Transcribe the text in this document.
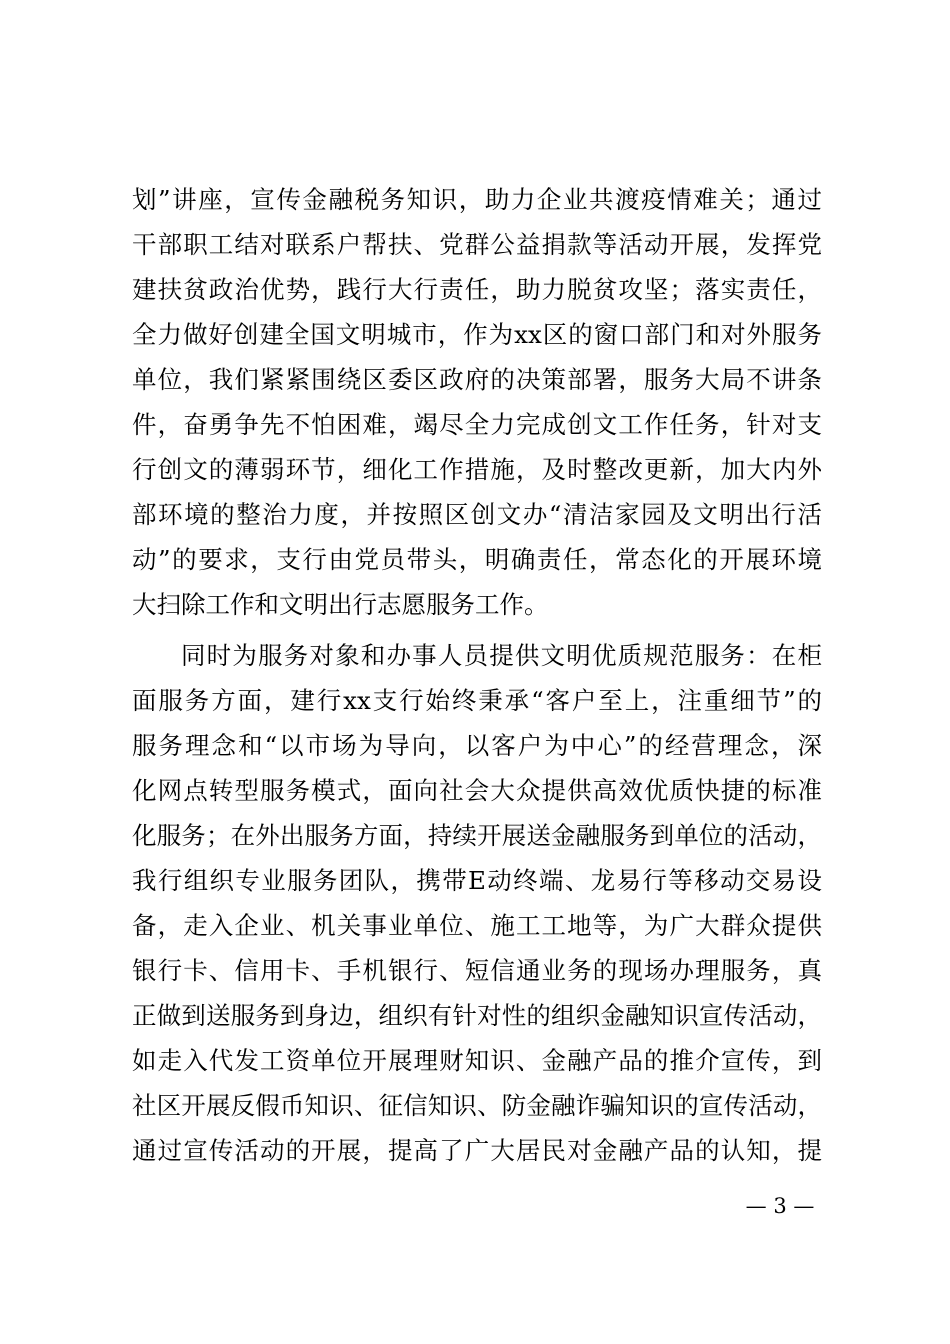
划”讲座，宣传金融税务知识，助力企业共渡疫情难关；通过
干部职工结对联系户帮扶、党群公益捐款等活动开展，发挥党
建扶贫政治优势，践行大行责任，助力脱贫攻坚；落实责任，
全力做好创建全国文明城市，作为xx区的窗口部门和对外服务
单位，我们紧紧围绕区委区政府的决策部署，服务大局不讲条
件，奋勇争先不怕困难，竭尽全力完成创文工作任务，针对支
行创文的薄弱环节，细化工作措施，及时整改更新，加大内外
部环境的整治力度，并按照区创文办“清洁家园及文明出行活
动”的要求，支行由党员带头，明确责任，常态化的开展环境
大扫除工作和文明出行志愿服务工作。
同时为服务对象和办事人员提供文明优质规范服务：在柜
面服务方面，建行xx支行始终秉承“客户至上，注重细节”的
服务理念和“以市场为导向，以客户为中心”的经营理念，深
化网点转型服务模式，面向社会大众提供高效优质快捷的标准
化服务；在外出服务方面，持续开展送金融服务到单位的活动，
我行组织专业服务团队，携带E动终端、龙易行等移动交易设
备，走入企业、机关事业单位、施工工地等，为广大群众提供
银行卡、信用卡、手机银行、短信通业务的现场办理服务，真
正做到送服务到身边，组织有针对性的组织金融知识宣传活动，
如走入代发工资单位开展理财知识、金融产品的推介宣传，到
社区开展反假币知识、征信知识、防金融诈骗知识的宣传活动，
通过宣传活动的开展，提高了广大居民对金融产品的认知，提
— 3 —
